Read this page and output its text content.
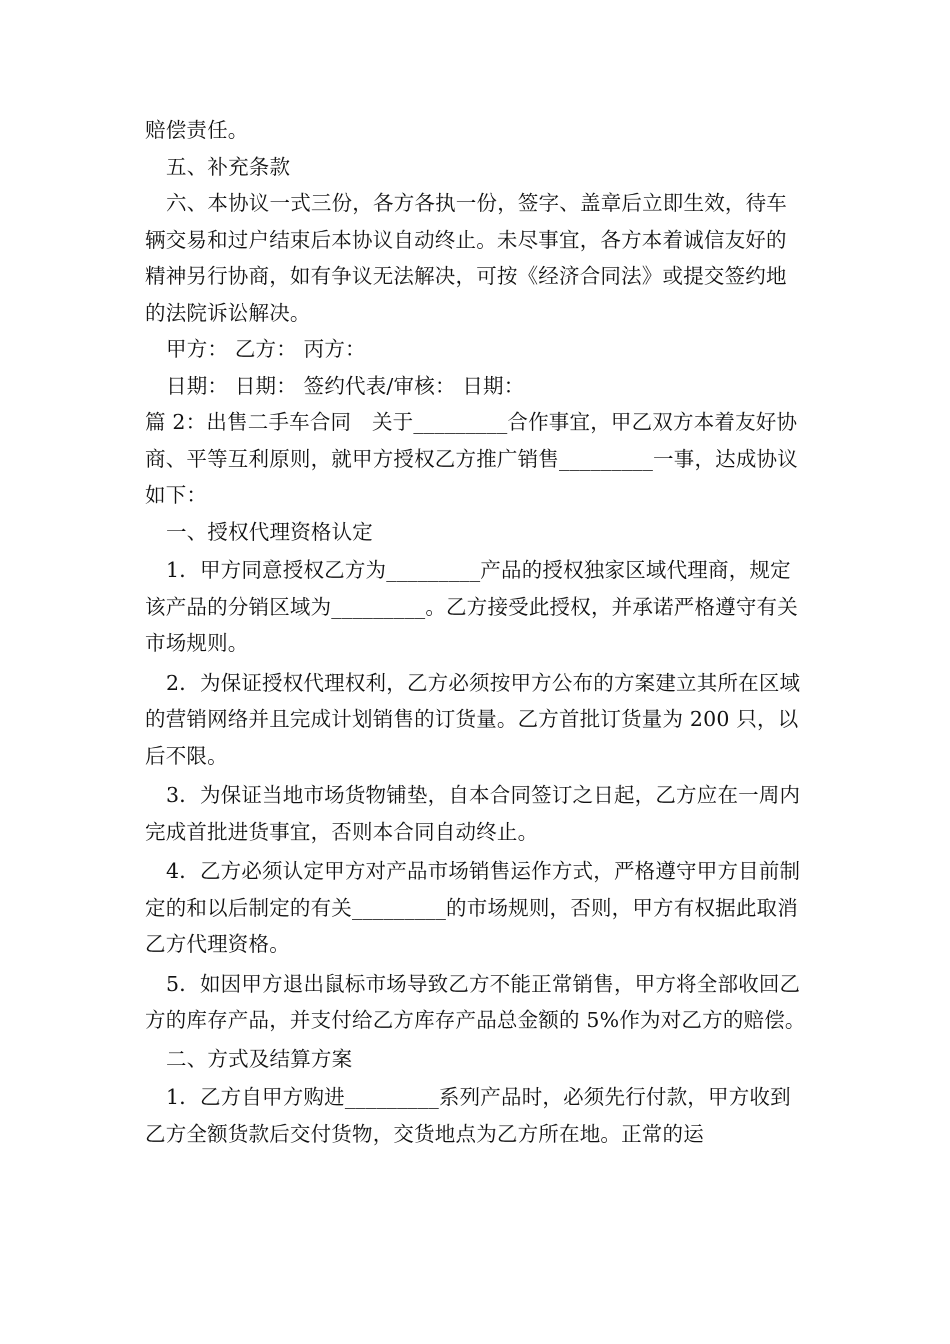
赔偿责任。

五、补充条款

六、本协议一式三份，各方各执一份，签字、盖章后立即生效，待车辆交易和过户结束后本协议自动终止。未尽事宜，各方本着诚信友好的精神另行协商，如有争议无法解决，可按《经济合同法》或提交签约地的法院诉讼解决。

甲方： 乙方： 丙方：

日期： 日期： 签约代表/审核： 日期：

篇 2：出售二手车合同　关于_________合作事宜，甲乙双方本着友好协商、平等互利原则，就甲方授权乙方推广销售_________一事，达成协议如下：

一、授权代理资格认定

1．甲方同意授权乙方为_________产品的授权独家区域代理商，规定该产品的分销区域为_________。乙方接受此授权，并承诺严格遵守有关市场规则。

2．为保证授权代理权利，乙方必须按甲方公布的方案建立其所在区域的营销网络并且完成计划销售的订货量。乙方首批订货量为 200 只，以后不限。

3．为保证当地市场货物铺垫，自本合同签订之日起，乙方应在一周内完成首批进货事宜，否则本合同自动终止。

4．乙方必须认定甲方对产品市场销售运作方式，严格遵守甲方目前制定的和以后制定的有关_________的市场规则，否则，甲方有权据此取消乙方代理资格。

5．如因甲方退出鼠标市场导致乙方不能正常销售，甲方将全部收回乙方的库存产品，并支付给乙方库存产品总金额的 5%作为对乙方的赔偿。

二、方式及结算方案

1．乙方自甲方购进_________系列产品时，必须先行付款，甲方收到乙方全额货款后交付货物，交货地点为乙方所在地。正常的运
